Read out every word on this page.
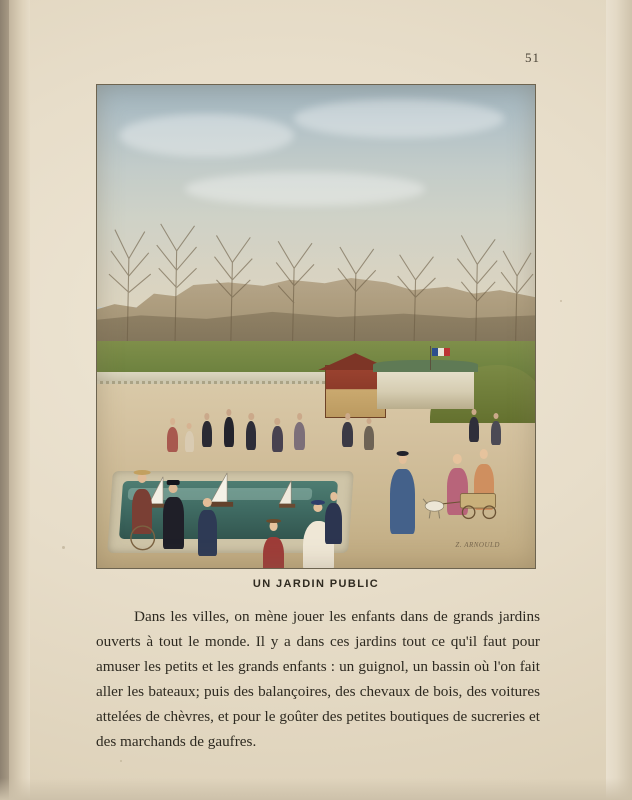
51
Z. ARNOULD
UN JARDIN PUBLIC
Dans les villes, on mène jouer les enfants dans de grands jardins ouverts à tout le monde. Il y a dans ces jardins tout ce qu'il faut pour amuser les petits et les grands enfants : un guignol, un bassin où l'on fait aller les bateaux; puis des balançoires, des chevaux de bois, des voitures attelées de chèvres, et pour le goûter des petites boutiques de sucreries et des marchands de gaufres.
